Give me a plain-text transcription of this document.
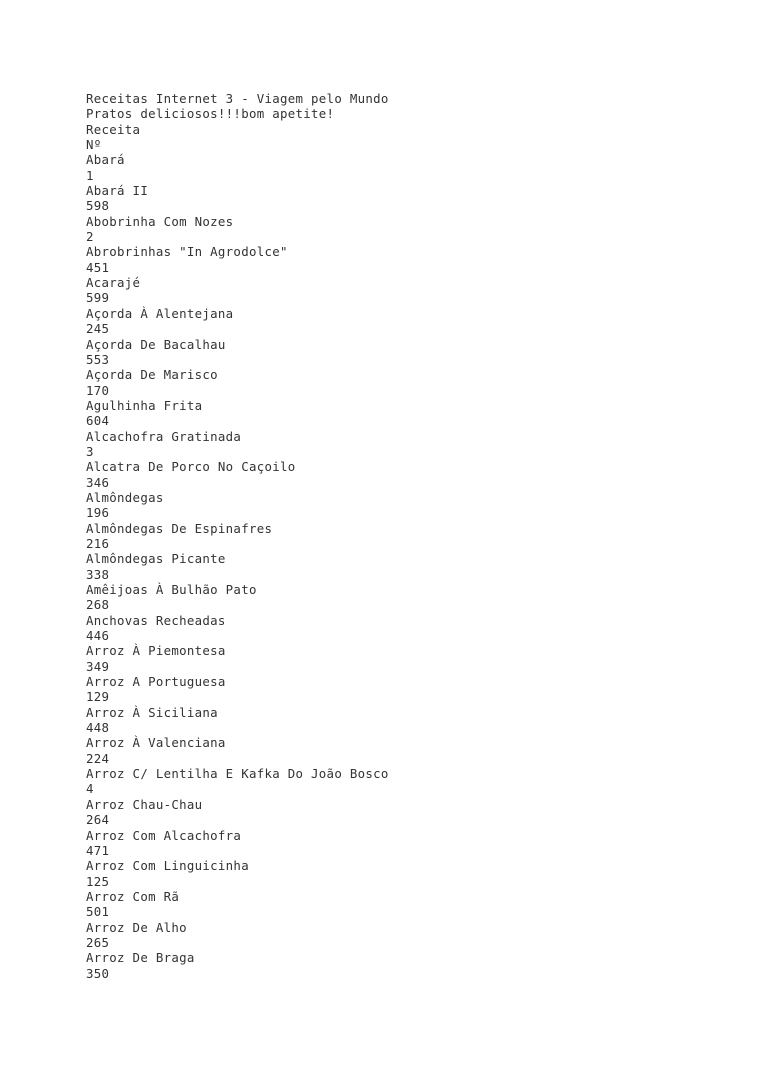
Receitas Internet 3 - Viagem pelo Mundo
Pratos deliciosos!!!bom apetite!
Receita
Nº
Abará
1
Abará II
598
Abobrinha Com Nozes
2
Abrobrinhas "In Agrodolce"
451
Acarajé
599
Açorda À Alentejana
245
Açorda De Bacalhau
553
Açorda De Marisco
170
Agulhinha Frita
604
Alcachofra Gratinada
3
Alcatra De Porco No Caçoilo
346
Almôndegas
196
Almôndegas De Espinafres
216
Almôndegas Picante
338
Amêijoas À Bulhão Pato
268
Anchovas Recheadas
446
Arroz À Piemontesa
349
Arroz A Portuguesa
129
Arroz À Siciliana
448
Arroz À Valenciana
224
Arroz C/ Lentilha E Kafka Do João Bosco
4
Arroz Chau-Chau
264
Arroz Com Alcachofra
471
Arroz Com Linguicinha
125
Arroz Com Rã
501
Arroz De Alho
265
Arroz De Braga
350
